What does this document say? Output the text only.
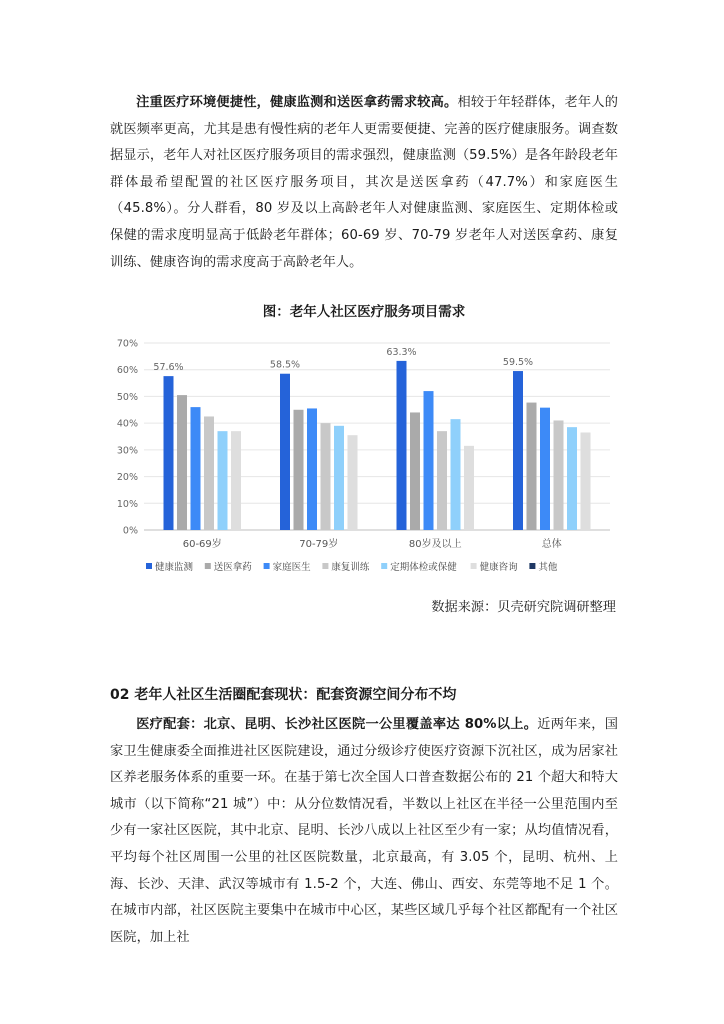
注重医疗环境便捷性，健康监测和送医拿药需求较高。相较于年轻群体，老年人的就医频率更高，尤其是患有慢性病的老年人更需要便捷、完善的医疗健康服务。调查数据显示，老年人对社区医疗服务项目的需求强烈，健康监测（59.5%）是各年龄段老年群体最希望配置的社区医疗服务项目，其次是送医拿药（47.7%）和家庭医生（45.8%）。分人群看，80 岁及以上高龄老年人对健康监测、家庭医生、定期体检或保健的需求度明显高于低龄老年群体；60-69 岁、70-79 岁老年人对送医拿药、康复训练、健康咨询的需求度高于高龄老年人。
图：老年人社区医疗服务项目需求
0%
10%
20%
30%
40%
50%
60%
70%
57.6%
60-69岁
58.5%
70-79岁
63.3%
80岁及以上
59.5%
总体
健康监测 送医拿药 家庭医生 康复训练 定期体检或保健 健康咨询 其他
数据来源：贝壳研究院调研整理
02 老年人社区生活圈配套现状：配套资源空间分布不均
医疗配套：北京、昆明、长沙社区医院一公里覆盖率达 80%以上。近两年来，国家卫生健康委全面推进社区医院建设，通过分级诊疗使医疗资源下沉社区，成为居家社区养老服务体系的重要一环。在基于第七次全国人口普查数据公布的 21 个超大和特大城市（以下简称“21 城”）中：从分位数情况看，半数以上社区在半径一公里范围内至少有一家社区医院，其中北京、昆明、长沙八成以上社区至少有一家；从均值情况看，平均每个社区周围一公里的社区医院数量，北京最高，有 3.05 个，昆明、杭州、上海、长沙、天津、武汉等城市有 1.5-2 个，大连、佛山、西安、东莞等地不足 1 个。在城市内部，社区医院主要集中在城市中心区，某些区域几乎每个社区都配有一个社区医院，加上社
